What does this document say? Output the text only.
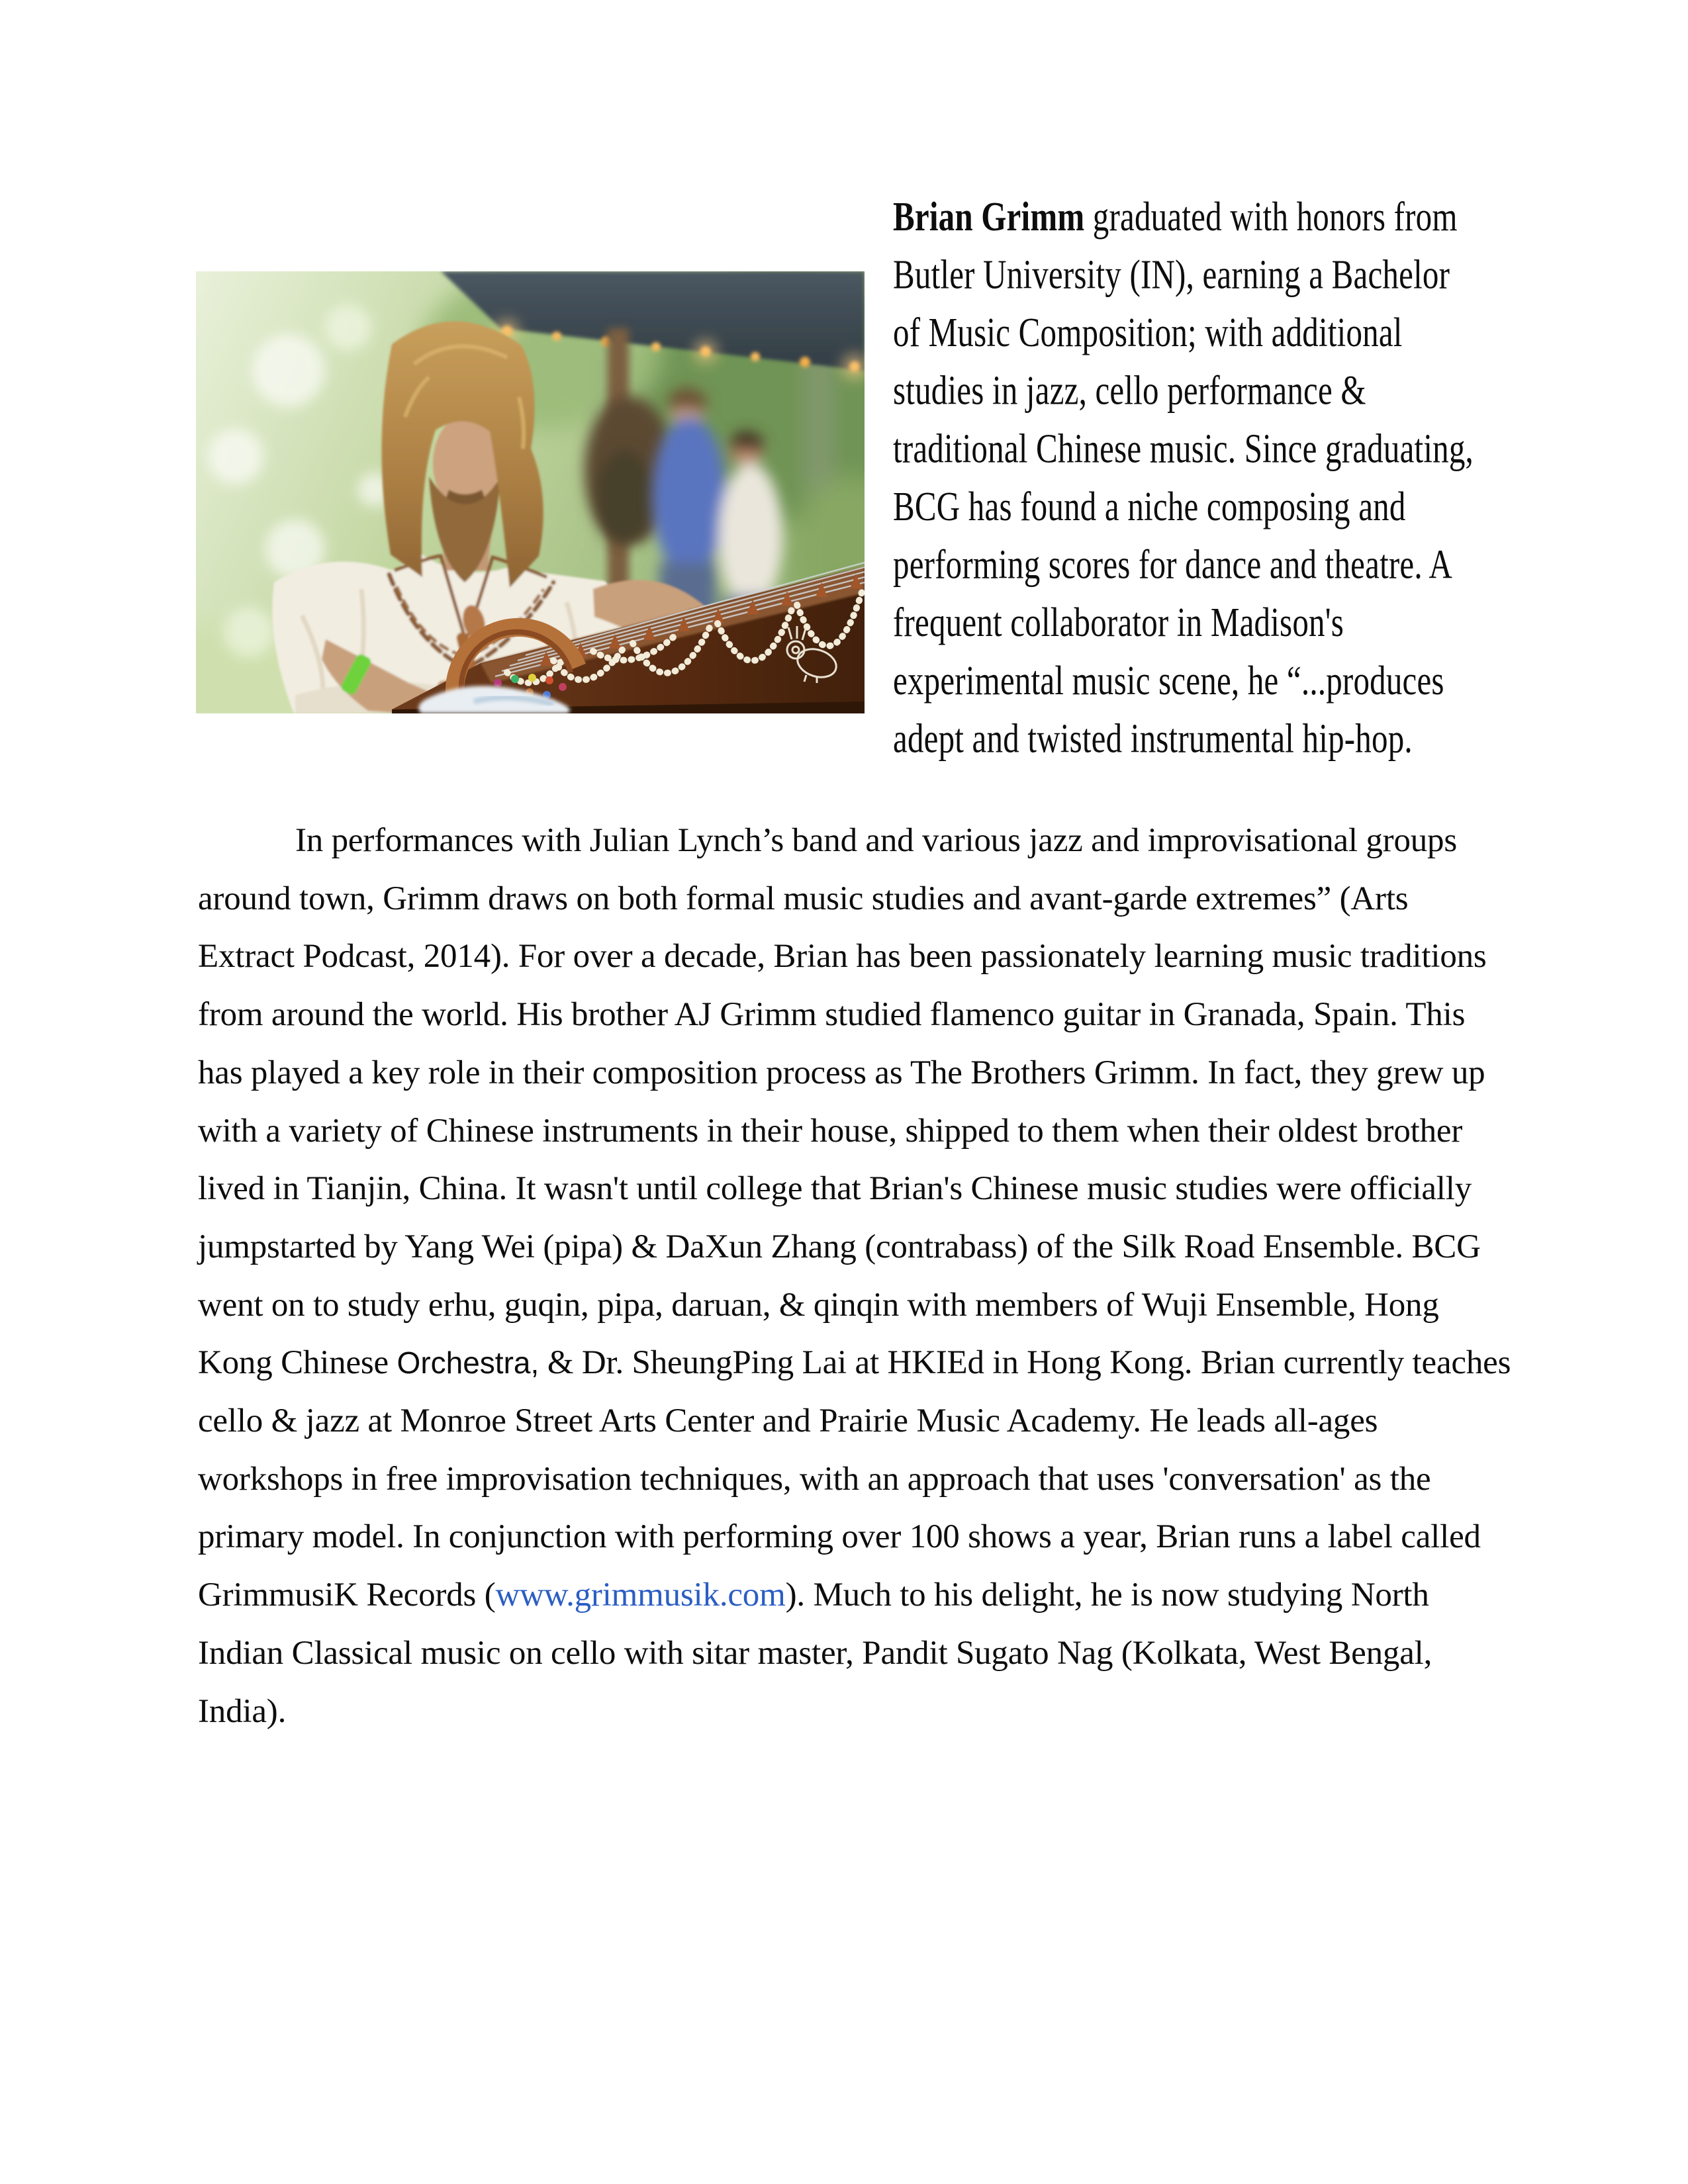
Brian Grimm graduated with honors from
Butler University (IN), earning a Bachelor
of Music Composition; with additional
studies in jazz, cello performance &
traditional Chinese music. Since graduating,
BCG has found a niche composing and
performing scores for dance and theatre. A
frequent collaborator in Madison's
experimental music scene, he “...produces
adept and twisted instrumental hip-hop.
In performances with Julian Lynch’s band and various jazz and improvisational groups
around town, Grimm draws on both formal music studies and avant-garde extremes” (Arts
Extract Podcast, 2014). For over a decade, Brian has been passionately learning music traditions
from around the world. His brother AJ Grimm studied flamenco guitar in Granada, Spain. This
has played a key role in their composition process as The Brothers Grimm. In fact, they grew up
with a variety of Chinese instruments in their house, shipped to them when their oldest brother
lived in Tianjin, China. It wasn't until college that Brian's Chinese music studies were officially
jumpstarted by Yang Wei (pipa) & DaXun Zhang (contrabass) of the Silk Road Ensemble. BCG
went on to study erhu, guqin, pipa, daruan, & qinqin with members of Wuji Ensemble, Hong
Kong Chinese Orchestra, & Dr. SheungPing Lai at HKIEd in Hong Kong. Brian currently teaches
cello & jazz at Monroe Street Arts Center and Prairie Music Academy. He leads all-ages
workshops in free improvisation techniques, with an approach that uses 'conversation' as the
primary model. In conjunction with performing over 100 shows a year, Brian runs a label called
GrimmusiK Records (www.grimmusik.com). Much to his delight, he is now studying North
Indian Classical music on cello with sitar master, Pandit Sugato Nag (Kolkata, West Bengal,
India).
